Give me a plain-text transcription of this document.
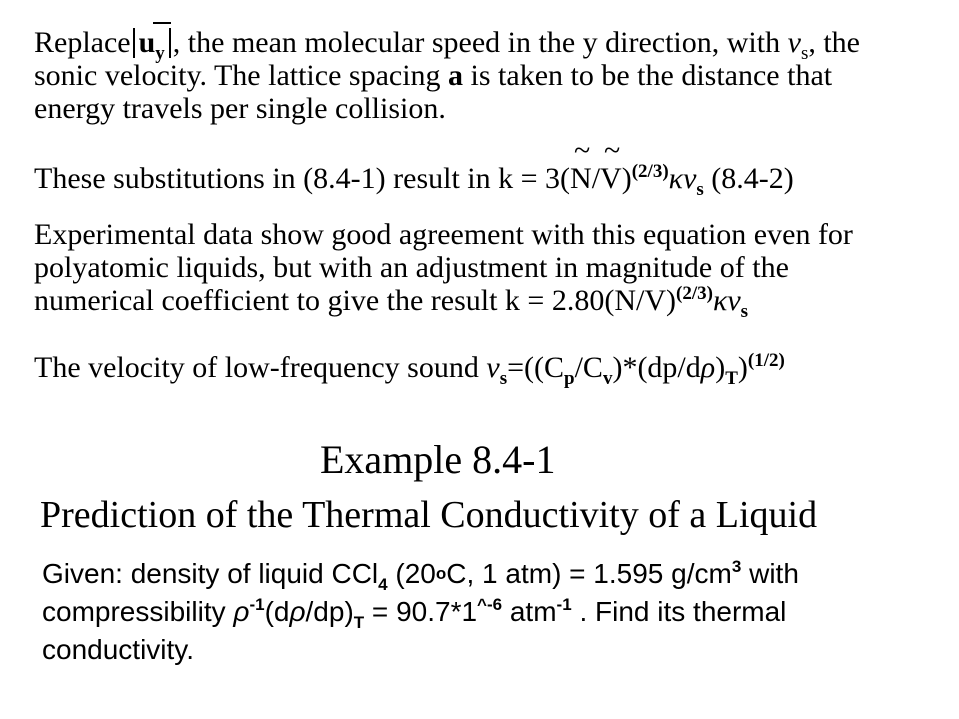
Replace $u_y$ , the mean molecular speed in the y direction, with $v_s$, the
sonic velocity. The lattice spacing a is taken to be the distance that
energy travels per single collision.
These substitutions in (8.4-1) result in k = 3(~ N/~ $V)^{(2/3)}\kappa v_s$ (8.4-2)
Experimental data show good agreement with this equation even for
polyatomic liquids, but with an adjustment in magnitude of the
numerical coefficient to give the result $k = 2.80(N/V)^{(2/3)}\kappa v_s$
The velocity of low-frequency sound $v_s=((C_p/C_v)*(dp/d\rho)_T)^{(1/2)}$
Example 8.4-1
Prediction of the Thermal Conductivity of a Liquid
Given: density of liquid CCl$_4$ (20$^o$C, 1 atm) = 1.595 $g/cm^3$ with
compressibility $\rho^{-1}(d\rho/dp)_T = 90.7*1^{\^{}-6}$ atm$^{-1}$ . Find its thermal
conductivity.
